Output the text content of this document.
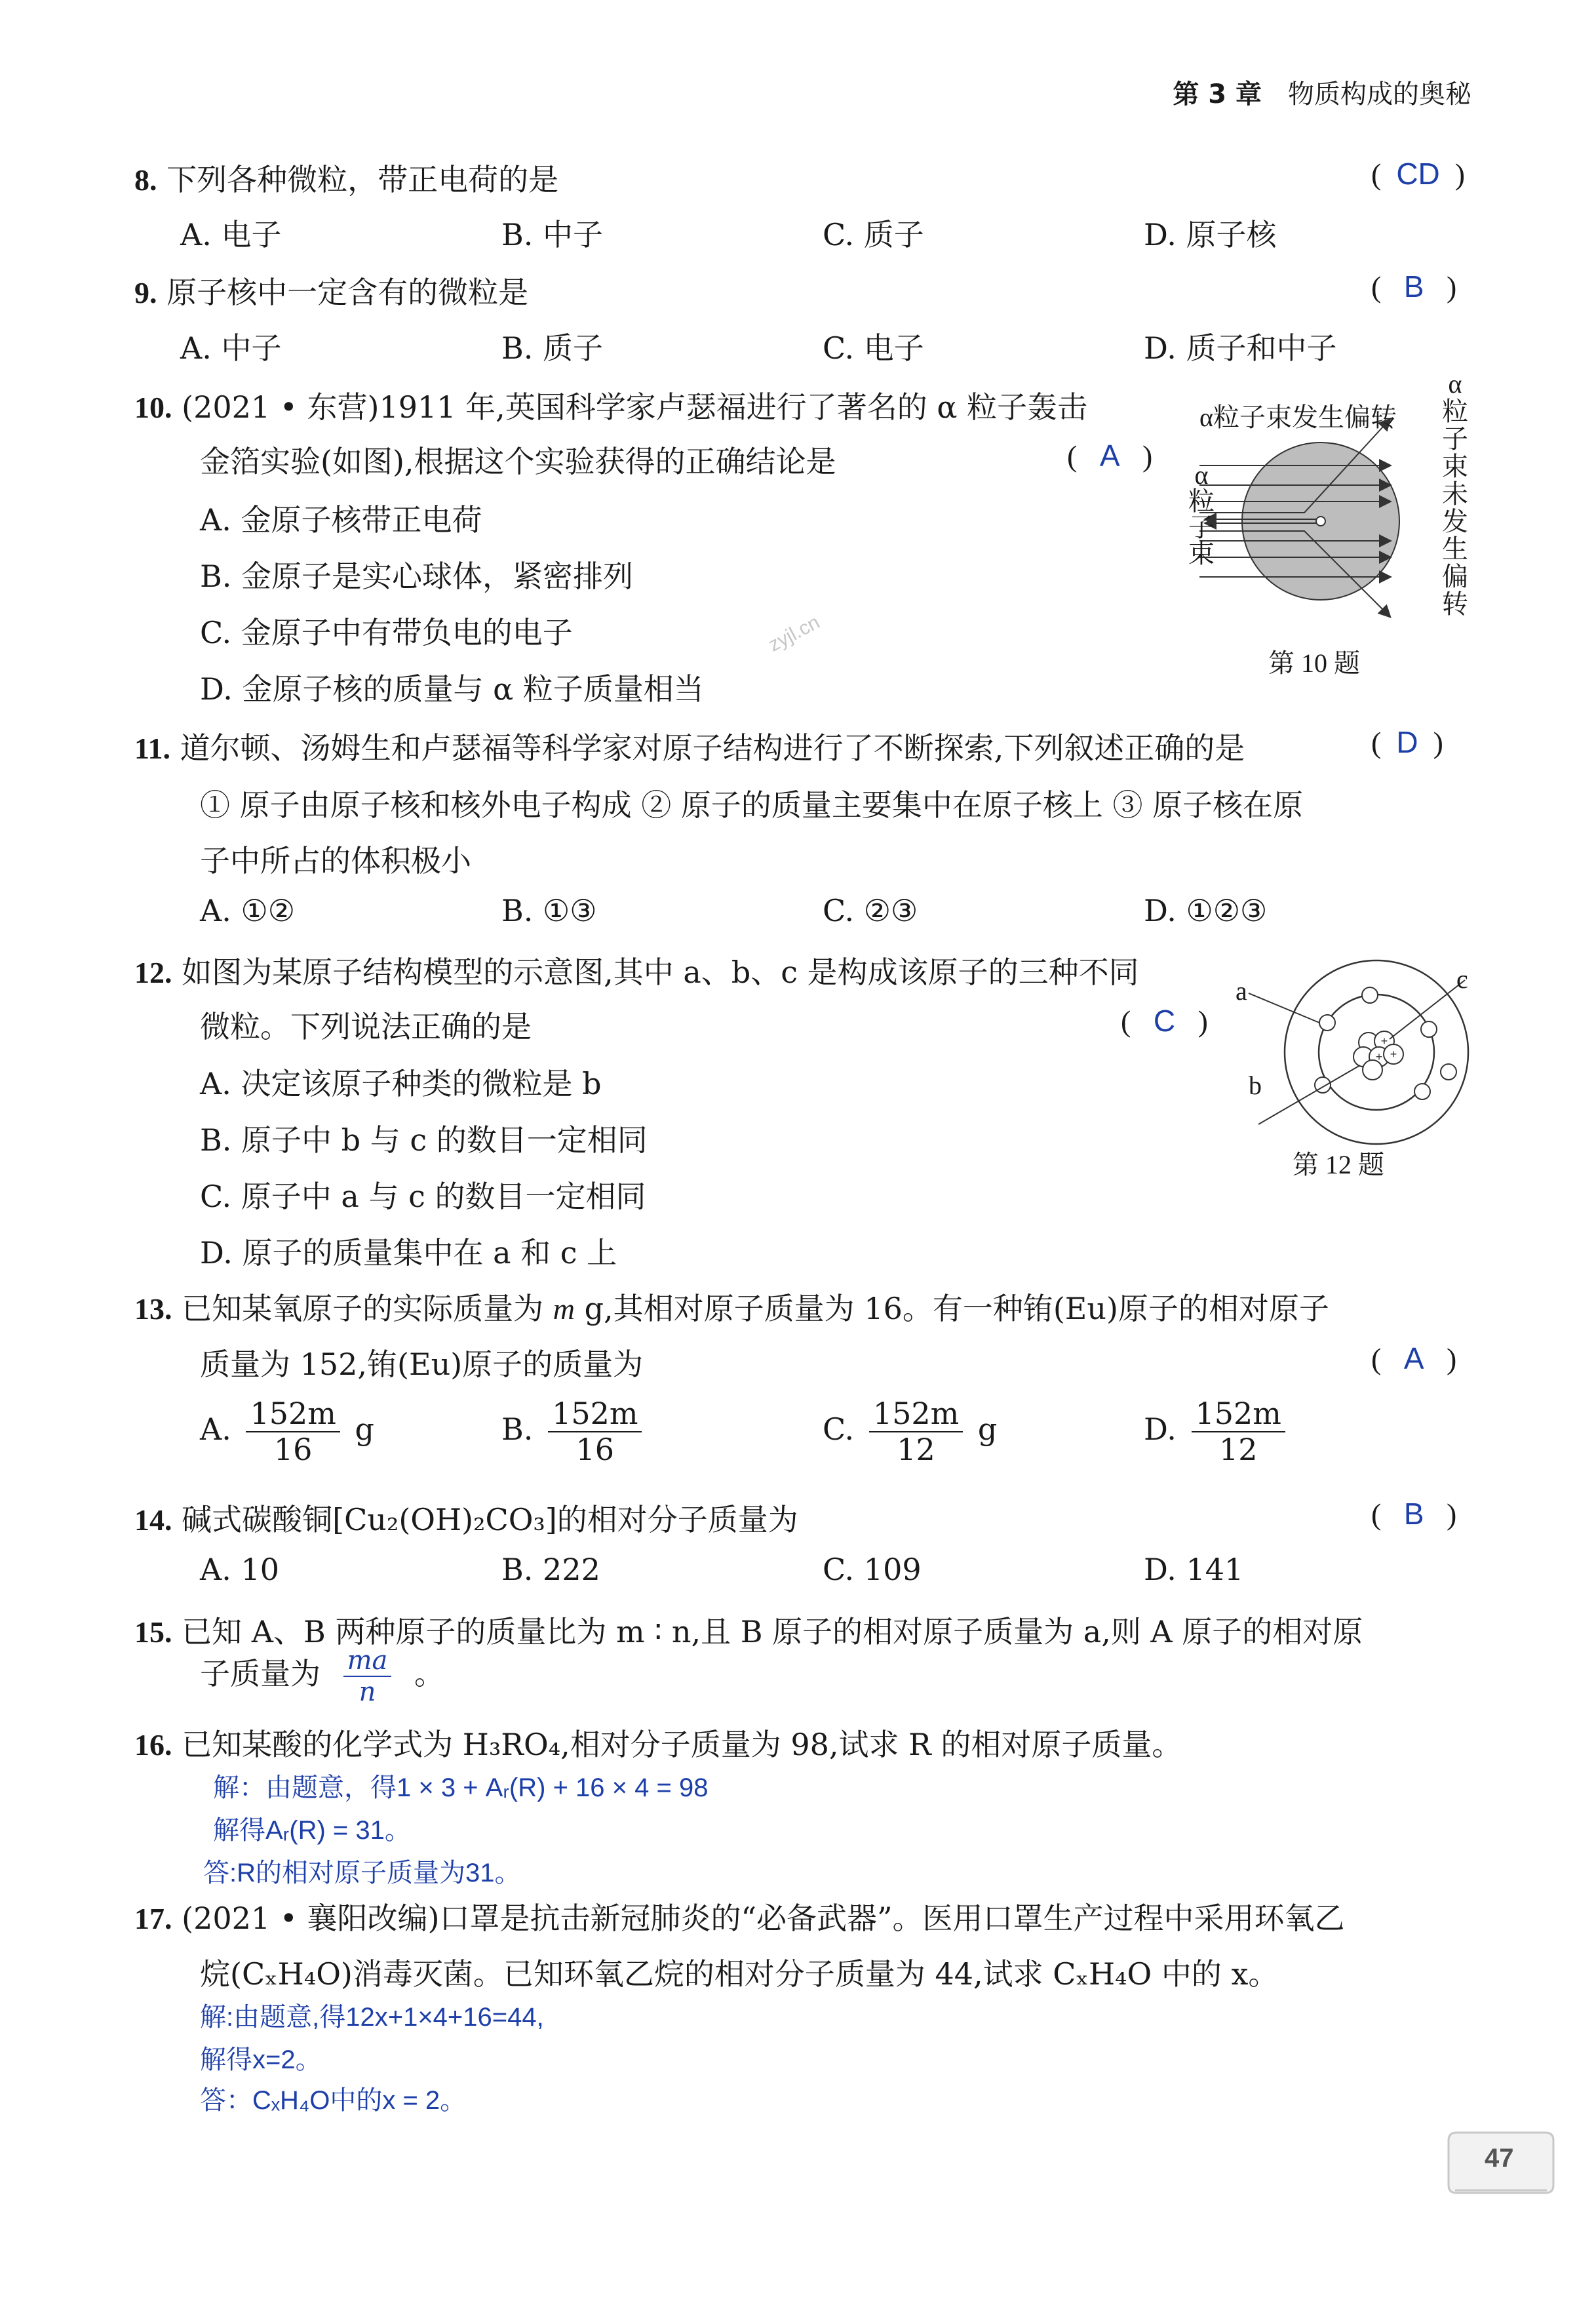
第 3 章 物质构成的奥秘
8. 下列各种微粒，带正电荷的是	(  CD  )
A. 电子	B. 中子	C. 质子	D. 原子核
9. 原子核中一定含有的微粒是	(   B   )
A. 中子	B. 质子	C. 电子	D. 质子和中子
10. (2021 • 东营)1911 年,英国科学家卢瑟福进行了著名的 α 粒子轰击
金箔实验(如图),根据这个实验获得的正确结论是	(   A   )
A. 金原子核带正电荷
B. 金原子是实心球体，紧密排列
C. 金原子中有带负电的电子
D. 金原子核的质量与 α 粒子质量相当
α粒子束发生偏转
α
粒
子
束
α
粒
子
束
未
发
生
偏
转
第 10 题
zyjl.cn
11. 道尔顿、汤姆生和卢瑟福等科学家对原子结构进行了不断探索,下列叙述正确的是	(  D  )
① 原子由原子核和核外电子构成 ② 原子的质量主要集中在原子核上 ③ 原子核在原
子中所占的体积极小
A. ①②	B. ①③	C. ②③	D. ①②③
12. 如图为某原子结构模型的示意图,其中 a、b、c 是构成该原子的三种不同
微粒。下列说法正确的是	(   C   )
A. 决定该原子种类的微粒是 b
B. 原子中 b 与 c 的数目一定相同
C. 原子中 a 与 c 的数目一定相同
D. 原子的质量集中在 a 和 c 上
+
+ +
a
b
c
第 12 题
13. 已知某氧原子的实际质量为 m g,其相对原子质量为 16。有一种铕(Eu)原子的相对原子
质量为 152,铕(Eu)原子的质量为	(   A   )
A. $\frac{152m}{16}$ g	B. $\frac{152m}{16}$	C. $\frac{152m}{12}$ g	D. $\frac{152m}{12}$
14. 碱式碳酸铜[Cu₂(OH)₂CO₃]的相对分子质量为	(   B   )
A. 10	B. 222	C. 109	D. 141
15. 已知 A、B 两种原子的质量比为 m ∶ n,且 B 原子的相对原子质量为 a,则 A 原子的相对原
子质量为 $\frac{ma}{n}$ 。
16. 已知某酸的化学式为 H₃RO₄,相对分子质量为 98,试求 R 的相对原子质量。
解：由题意，得1 × 3 + Aᵣ(R) + 16 × 4 = 98
解得Aᵣ(R) = 31。
答:R的相对原子质量为31。
17. (2021 • 襄阳改编)口罩是抗击新冠肺炎的“必备武器”。医用口罩生产过程中采用环氧乙
烷(CₓH₄O)消毒灭菌。已知环氧乙烷的相对分子质量为 44,试求 CₓH₄O 中的 x。
解:由题意,得12x+1×4+16=44,
解得x=2。
答：CₓH₄O中的x = 2。
47
